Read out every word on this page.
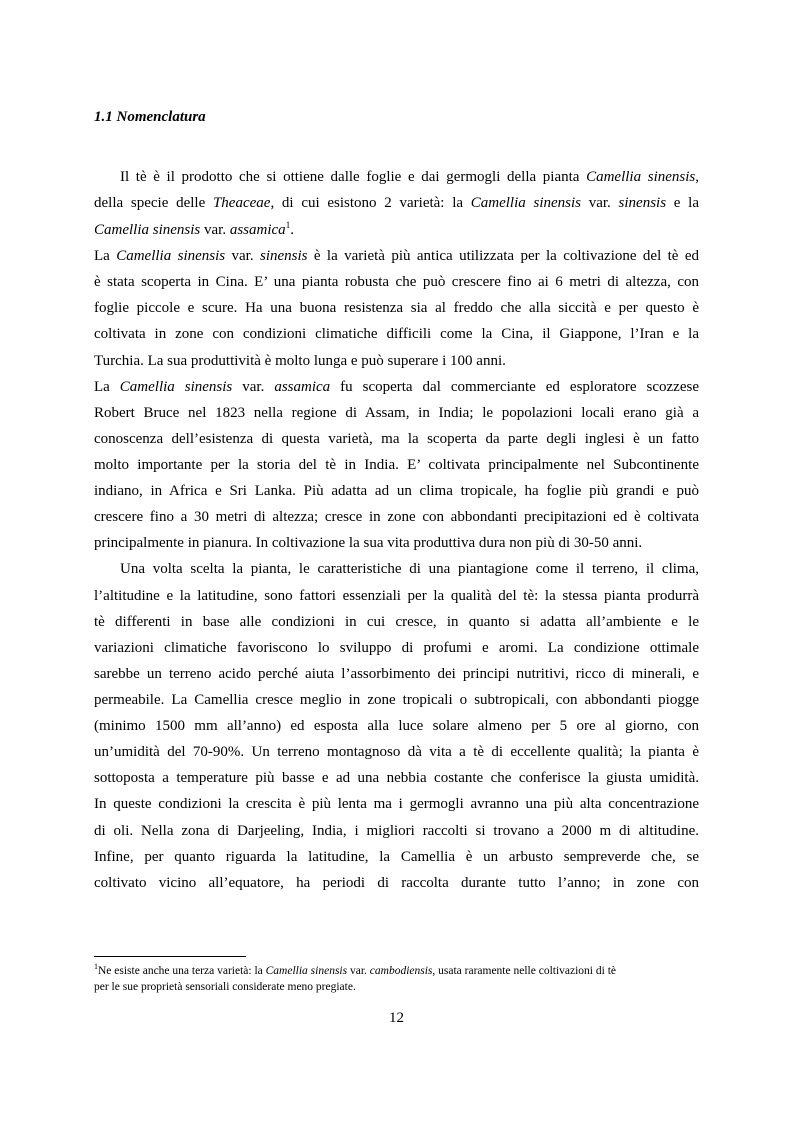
1.1 Nomenclatura
Il tè è il prodotto che si ottiene dalle foglie e dai germogli della pianta Camellia sinensis,
della specie delle Theaceae, di cui esistono 2 varietà: la Camellia sinensis var. sinensis e la
Camellia sinensis var. assamica$^1$.
La Camellia sinensis var. sinensis è la varietà più antica utilizzata per la coltivazione del tè ed
è stata scoperta in Cina. E’ una pianta robusta che può crescere fino ai 6 metri di altezza, con
foglie piccole e scure. Ha una buona resistenza sia al freddo che alla siccità e per questo è
coltivata in zone con condizioni climatiche difficili come la Cina, il Giappone, l’Iran e la
Turchia. La sua produttività è molto lunga e può superare i 100 anni.
La Camellia sinensis var. assamica fu scoperta dal commerciante ed esploratore scozzese
Robert Bruce nel 1823 nella regione di Assam, in India; le popolazioni locali erano già a
conoscenza dell’esistenza di questa varietà, ma la scoperta da parte degli inglesi è un fatto
molto importante per la storia del tè in India. E’ coltivata principalmente nel Subcontinente
indiano, in Africa e Sri Lanka. Più adatta ad un clima tropicale, ha foglie più grandi e può
crescere fino a 30 metri di altezza; cresce in zone con abbondanti precipitazioni ed è coltivata
principalmente in pianura. In coltivazione la sua vita produttiva dura non più di 30-50 anni.
Una volta scelta la pianta, le caratteristiche di una piantagione come il terreno, il clima,
l’altitudine e la latitudine, sono fattori essenziali per la qualità del tè: la stessa pianta produrrà
tè differenti in base alle condizioni in cui cresce, in quanto si adatta all’ambiente e le
variazioni climatiche favoriscono lo sviluppo di profumi e aromi. La condizione ottimale
sarebbe un terreno acido perché aiuta l’assorbimento dei principi nutritivi, ricco di minerali, e
permeabile. La Camellia cresce meglio in zone tropicali o subtropicali, con abbondanti piogge
(minimo 1500 mm all’anno) ed esposta alla luce solare almeno per 5 ore al giorno, con
un’umidità del 70-90%. Un terreno montagnoso dà vita a tè di eccellente qualità; la pianta è
sottoposta a temperature più basse e ad una nebbia costante che conferisce la giusta umidità.
In queste condizioni la crescita è più lenta ma i germogli avranno una più alta concentrazione
di oli. Nella zona di Darjeeling, India, i migliori raccolti si trovano a 2000 m di altitudine.
Infine, per quanto riguarda la latitudine, la Camellia è un arbusto sempreverde che, se
coltivato vicino all’equatore, ha periodi di raccolta durante tutto l’anno; in zone con
$^1$Ne esiste anche una terza varietà: la Camellia sinensis var. cambodiensis, usata raramente nelle coltivazioni di tè
per le sue proprietà sensoriali considerate meno pregiate.
12
